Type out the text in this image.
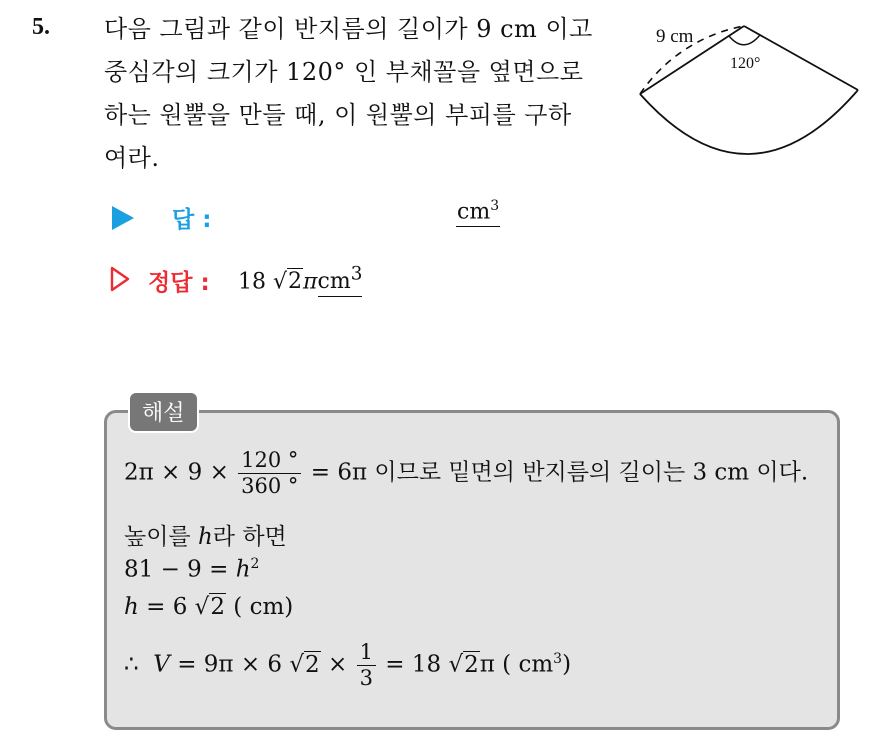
5. 다음 그림과 같이 반지름의 길이가 9 cm 이고
중심각의 크기가 120° 인 부채꼴을 옆면으로
하는 원뿔을 만들 때, 이 원뿔의 부피를 구하
여라.
9 cm
120°
답 :	$cm^3$
정답 : 18 √2πcm$^3$
해설
$2\pi \times 9 \times \frac{120 ^\circ}{360 ^\circ} = 6\pi$ 이므로 밑면의 반지름의 길이는 3 cm 이다.
높이를 h라 하면
$81 - 9 = h^2$
h = 6 √2 ( cm)
∴ V = 9π × 6 $√2 \times \frac{1}{3} = 18$ √2π ( $cm^3$)
